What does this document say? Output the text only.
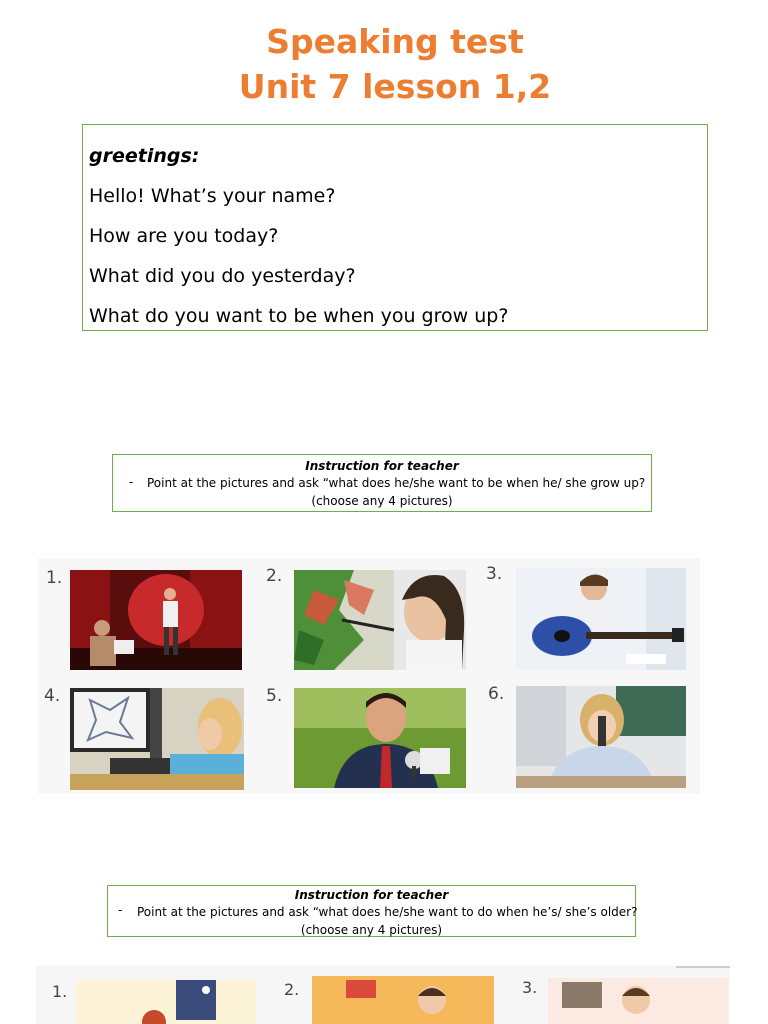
Speaking test
Unit 7 lesson 1,2
greetings:
Hello! What’s your name?
How are you today?
What did you do yesterday?
What do you want to be when you grow up?
Instruction for teacher
- Point at the pictures and ask “what does he/she want to be when he/ she grow up?
(choose any 4 pictures)
1.	2.	3.
4.	5.	6.
Instruction for teacher
- Point at the pictures and ask “what does he/she want to do when he’s/ she’s older?
(choose any 4 pictures)
1.	2.	3.
